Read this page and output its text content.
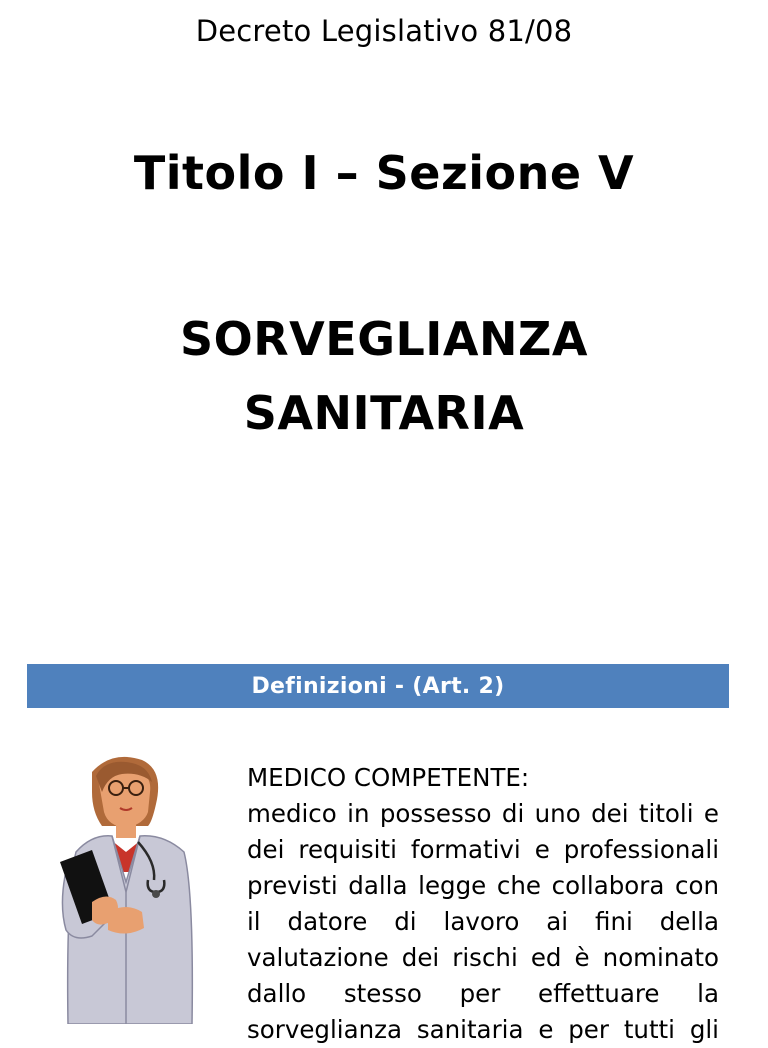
Decreto Legislativo 81/08
Titolo I – Sezione V
SORVEGLIANZA
SANITARIA
Definizioni - (Art. 2)
MEDICO COMPETENTE:
medico in possesso di uno dei titoli e dei requisiti formativi e professionali previsti dalla legge che collabora con il datore di lavoro ai fini della valutazione dei rischi ed è nominato dallo stesso per effettuare la sorveglianza sanitaria e per tutti gli
